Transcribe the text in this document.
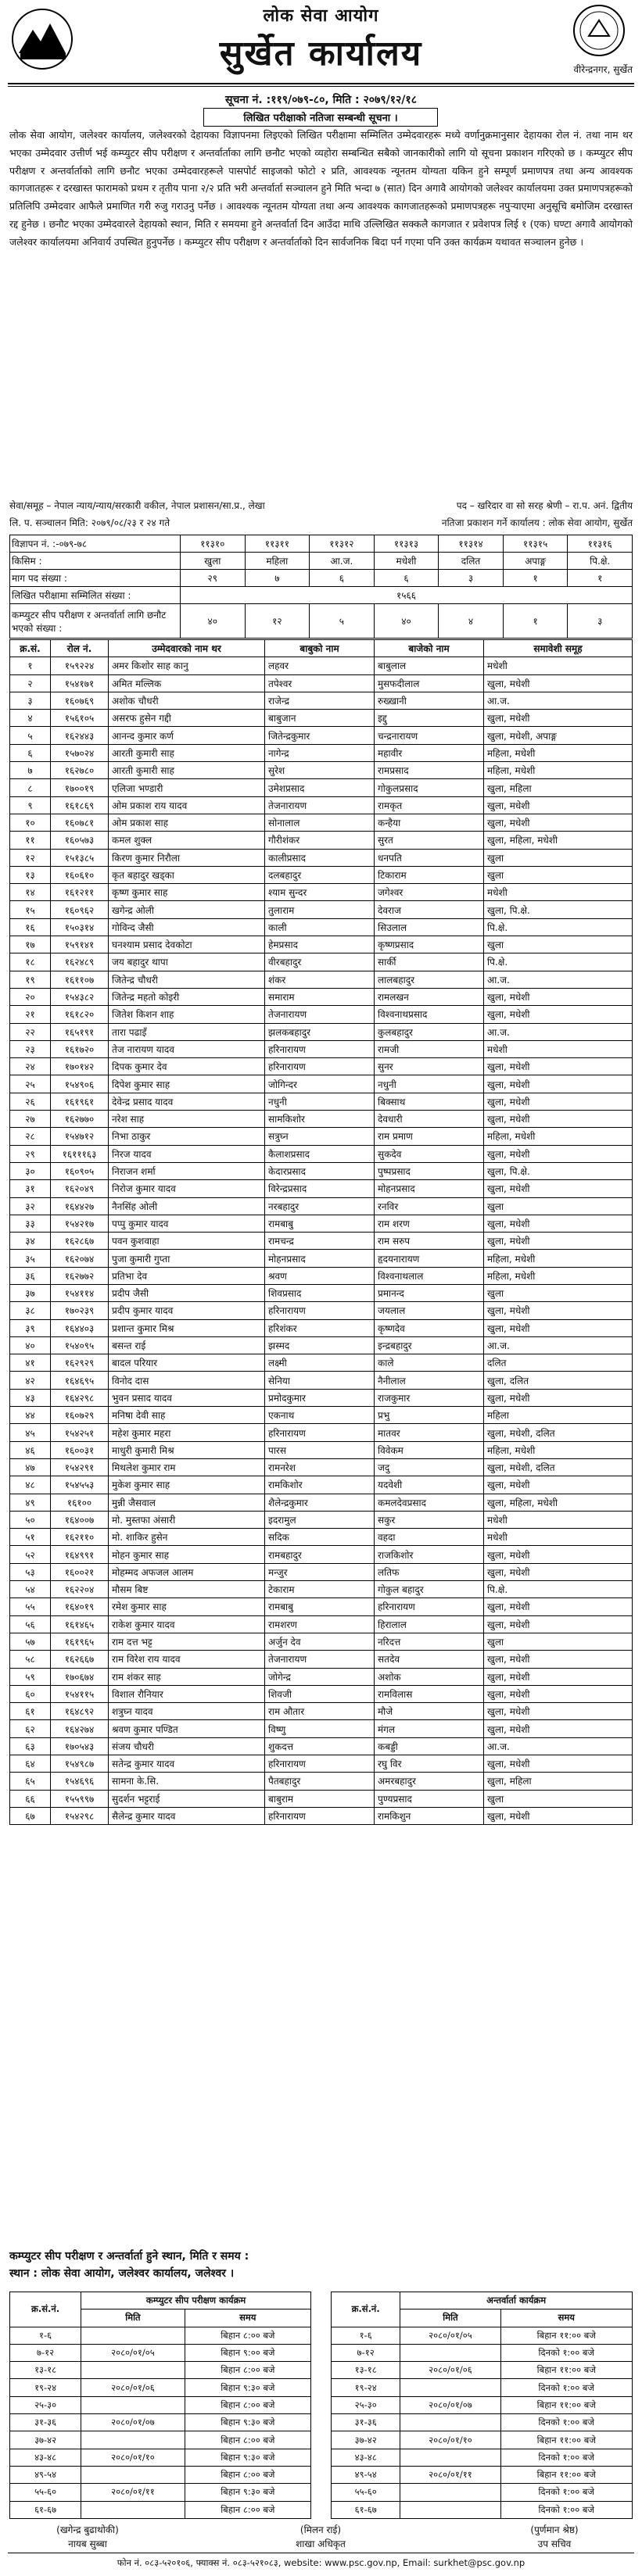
लोक सेवा आयोग
सुर्खेत कार्यालय	वीरेन्द्रनगर, सुर्खेत
सूचना नं. :११९/०७९-८०, मिति : २०७९/१२/१८
लिखित परीक्षाको नतिजा सम्बन्धी सूचना ।
लोक सेवा आयोग, जलेश्वर कार्यालय, जलेश्वरको देहायका विज्ञापनमा लिइएको लिखित परीक्षामा सम्मिलित उम्मेदवारहरू मध्ये वर्णानुक्रमानुसार देहायका रोल नं. तथा नाम थर भएका उम्मेदवार उत्तीर्ण भई कम्प्युटर सीप परीक्षण र अन्तर्वार्ताका लागि छनौट भएको व्यहोरा सम्बन्धित सबैको जानकारीको लागि यो सूचना प्रकाशन गरिएको छ । कम्प्युटर सीप परीक्षण र अन्तर्वार्ताको लागि छनौट भएका उम्मेदवारहरूले पासपोर्ट साइजको फोटो २ प्रति, आवश्यक न्यूनतम योग्यता यकिन हुने सम्पूर्ण प्रमाणपत्र तथा अन्य आवश्यक कागजातहरू र दरखास्त फारामको प्रथम र तृतीय पाना २/२ प्रति भरी अन्तर्वार्ता सञ्चालन हुने मिति भन्दा ७ (सात) दिन अगावै आयोगको जलेश्वर कार्यालयमा उक्त प्रमाणपत्रहरूको प्रतिलिपि उम्मेदवार आफैले प्रमाणित गरी रुजु गराउनु पर्नेछ । आवश्यक न्यूनतम योग्यता तथा अन्य आवश्यक कागजातहरूको प्रमाणपत्रहरू नपुऱ्याएमा अनुसूचि बमोजिम दरखास्त रद्द हुनेछ । छनौट भएका उम्मेदवारले देहायको स्थान, मिति र समयमा हुने अन्तर्वार्ता दिन आउँदा माथि उल्लिखित सक्कलै कागजात र प्रवेशपत्र लिई १ (एक) घण्टा अगावै आयोगको जलेश्वर कार्यालयमा अनिवार्य उपस्थित हुनुपर्नेछ । कम्प्युटर सीप परीक्षण र अन्तर्वार्ताको दिन सार्वजनिक बिदा पर्न गएमा पनि उक्त कार्यक्रम यथावत सञ्चालन हुनेछ ।
सेवा/समूह – नेपाल न्याय/न्याय/सरकारी वकील, नेपाल प्रशासन/सा.प्र., लेखा	पद – खरिदार वा सो सरह श्रेणी – रा.प. अनं. द्वितीय
लि. प. सञ्चालन मिति: २०७९/०८/२३ र २४ गते	नतिजा प्रकाशन गर्ने कार्यालय : लोक सेवा आयोग, सुर्खेत
विज्ञापन नं. :-०७९-७८	११३१०	११३११	११३१२	११३१३	११३१४	११३१५	११३१६
किसिम :	खुला	महिला	आ.ज.	मधेशी	दलित	अपाङ्ग	पि.क्षे.
माग पद संख्या :	२९	७	६	६	३	१	१
लिखित परीक्षामा सम्मिलित संख्या :	१५६६						
कम्प्युटर सीप परीक्षण र अन्तर्वार्ता लागि छनौट भएको संख्या :	४०	१२	५	४०	४	१	३
क्र.सं.	रोल नं.	उम्मेदवारको नाम थर	बाबुको नाम	बाजेको नाम	समावेशी समूह
१	१५९२२४	अमर किशोर साह कानु	लहवर	बाबुलाल	मधेशी
२	१५४१७१	अमित मल्लिक	तपेश्वर	मुसफदीलाल	खुला, मधेशी
३	१६०७६९	अशोक चौधरी	राजेन्द्र	रुख्खानी	आ.ज.
४	१५६१०५	असरफ हुसेन गद्दी	बाबुजान	इद्दु	खुला, मधेशी
५	१६२४४३	आनन्द कुमार कर्ण	जितेन्द्रकुमार	चन्द्रनारायण	खुला, मधेशी, अपाङ्ग
६	१५७०२४	आरती कुमारी साह	नागेन्द्र	महावीर	महिला, मधेशी
७	१६२७८०	आरती कुमारी साह	सुरेश	रामप्रसाद	महिला, मधेशी
८	१७००१९	एलिजा भण्डारी	उमेशप्रसाद	गोकुलप्रसाद	खुला, महिला
९	१६१८६९	ओम प्रकाश राय यादव	तेजनारायण	रामकृत	खुला, मधेशी
१०	१६०७८१	ओम प्रकाश साह	सोनालाल	कन्हैया	खुला, मधेशी
११	१६०५७३	कमल शुक्ल	गौरीशंकर	सुरत	खुला, महिला, मधेशी
१२	१५१३८५	किरण कुमार निरौला	कालीप्रसाद	धनपति	खुला
१३	१६०६१०	कृत बहादुर खड्का	दलबहादुर	टिकाराम	खुला
१४	१६१२११	कृष्ण कुमार साह	श्याम सुन्दर	जगेश्वर	मधेशी
१५	१६०९६२	खगेन्द्र ओली	तुलाराम	देवराज	खुला, पि.क्षे.
१६	१५०३१४	गोविन्द जैसी	काली	सिउलाल	पि.क्षे.
१७	१५९१४१	घनश्याम प्रसाद देवकोटा	हेमप्रसाद	कृष्णप्रसाद	खुला
१८	१६२४८९	जय बहादुर थापा	वीरबहादुर	सार्की	पि.क्षे.
१९	१६११०७	जितेन्द्र चौधरी	शंकर	लालबहादुर	आ.ज.
२०	१५४३८२	जितेन्द्र महतो कोइरी	समाराम	रामलखन	खुला, मधेशी
२१	१६१८२०	जितेश किशन शाह	तेजनारायण	विश्वनाथप्रसाद	खुला, मधेशी
२२	१६५१९१	तारा पढाइँ	झलकबहादुर	कुलबहादुर	आ.ज.
२३	१६१७२०	तेज नारायण यादव	हरिनारायण	रामजी	मधेशी
२४	१७०१४२	दिपक कुमार देव	हरिनारायण	सुनर	खुला, मधेशी
२५	१५४९०६	दिपेश कुमार साह	जोगिन्दर	नधुनी	खुला, मधेशी
२६	१६१९६१	देवेन्द्र प्रसाद यादव	नधुनी	बिक्साथ	खुला, मधेशी
२७	१६२७७०	नरेश साह	सामकिशोर	देवधारी	खुला, मधेशी
२८	१५४७१२	निभा ठाकुर	सत्रुघ्न	राम प्रमाण	महिला, मधेशी
२९	१६१११६३	निरज यादव	कैलाशप्रसाद	सुकदेव	खुला, मधेशी
३०	१६०९०५	निराजन शर्मा	केदारप्रसाद	पुष्पप्रसाद	खुला, पि.क्षे.
३१	१६२०४९	निरोज कुमार यादव	विरेन्द्रप्रसाद	मोहनप्रसाद	खुला, मधेशी
३२	१६४४२७	नैनसिंह ओली	नरबहादुर	रनविर	खुला
३३	१५४२१७	पप्पु कुमार यादव	रामबाबु	राम शरण	खुला, मधेशी
३४	१६२८६७	पवन कुशवाहा	रामचन्द्र	राम सरुप	खुला, मधेशी
३५	१६२०७४	पुजा कुमारी गुप्ता	मोहनप्रसाद	हृदयनारायण	महिला, मधेशी
३६	१६२७७२	प्रतिभा देव	श्रवण	विश्वनाथलाल	महिला, मधेशी
३७	१५४११४	प्रदीप जैसी	शिवप्रसाद	प्रमानन्द	खुला
३८	१७०२३९	प्रदीप कुमार यादव	हरिनारायण	जयलाल	खुला, मधेशी
३९	१६४४०३	प्रशान्त कुमार मिश्र	हरिशंकर	कृष्णदेव	खुला, मधेशी
४०	१५४०९५	बसन्त राई	झस्मद	इन्द्रबहादुर	आ.ज.
४१	१६२९२९	बादल परियार	लक्ष्मी	काले	दलित
४२	१६४६९५	विनोद दास	सेनिया	नैनीलाल	खुला, दलित
४३	१६४२९८	भुवन प्रसाद यादव	प्रमोदकुमार	राजकुमार	खुला, मधेशी
४४	१६०७२९	मनिषा देवी साह	एकनाथ	प्रभु	महिला
४५	१५४२५१	महेश कुमार महरा	हरिनारायण	मातवर	खुला, मधेशी, दलित
४६	१६००३१	माधुरी कुमारी मिश्र	पारस	विवेकम	महिला, मधेशी
४७	१५४२९१	मिथलेश कुमार राम	रामनरेश	जदु	खुला, मधेशी, दलित
४८	१५४५५३	मुकेश कुमार साह	रामकिशोर	यदवेशी	खुला, मधेशी
४९	१६१००	मुन्नी जैसवाल	शैलेन्द्रकुमार	कमलदेवप्रसाद	खुला, महिला, मधेशी
५०	१६४००७	मो. मुस्तफा अंसारी	इदरामुल	सकुर	मधेशी
५१	१६२११०	मो. शाकिर हुसेन	सदिक	वहदा	मधेशी
५२	१६४९९१	मोहन कुमार साह	रामबहादुर	राजकिशोर	खुला, मधेशी
५३	१६००२१	मोहम्मद अफजल आलम	मन्जुर	लतिफ	खुला, मधेशी
५४	१६२२०४	मौसम बिष्ट	टेकाराम	गोकुल बहादुर	पि.क्षे.
५५	१६४०१९	रमेश कुमार साह	रामबाबु	हरिनारायण	खुला, मधेशी
५६	१६१४६५	राकेश कुमार यादव	रामशरण	हिरालाल	खुला, मधेशी
५७	१६१९६५	राम दत्त भट्ट	अर्जुन देव	नरिदत्त	खुला
५८	१६२६६७	राम विरेश राय यादव	तेजनारायण	सतदेव	खुला, मधेशी
५९	१७०६७४	राम शंकर साह	जोगेन्द्र	अशोक	खुला, मधेशी
६०	१५४११५	विशाल रौनियार	शिवजी	रामविलास	खुला, मधेशी
६१	१६४८९२	शत्रुघ्न यादव	राम औतार	मौजे	खुला, मधेशी
६२	१६४२७४	श्रवण कुमार पण्डित	विष्णु	मंगल	खुला, मधेशी
६३	१७०५४३	संजय चौधरी	शुकदत्त	कबड्डी	आ.ज.
६४	१५४९८७	सतेन्द्र कुमार यादव	हरिनारायण	रघु विर	खुला, मधेशी
६५	१५४६९६	सामना के.सि.	पैतबहादुर	अमरबहादुर	खुला, महिला
६६	१५५९९७	सुदर्शन भट्टराई	बाबुराम	पुण्यप्रसाद	खुला
६७	१५४२९८	सैलेन्द्र कुमार यादव	हरिनारायण	रामकिशुन	खुला, मधेशी
कम्प्युटर सीप परीक्षण र अन्तर्वार्ता हुने स्थान, मिति र समय :
स्थान : लोक सेवा आयोग, जलेश्वर कार्यालय, जलेश्वर ।
क्र.सं.नं.	कम्प्युटर सीप परीक्षण कार्यक्रम	
	मिति	समय
१-६		बिहान ८:०० बजे
७-१२	२०८०/०१/०५	बिहान ९:०० बजे
१३-१८		बिहान ८:०० बजे
१९-२४	२०८०/०१/०६	बिहान ९:३० बजे
२५-३०		बिहान ८:०० बजे
३१-३६	२०८०/०१/०७	बिहान ९:३० बजे
३७-४२		बिहान ८:०० बजे
४३-४८	२०८०/०१/१०	बिहान ९:३० बजे
४९-५४		बिहान ८:०० बजे
५५-६०	२०८०/०१/११	बिहान ९:३० बजे
६१-६७		बिहान ८:०० बजे
क्र.सं.नं.	अन्तर्वार्ता कार्यक्रम	
	मिति	समय
१-६	२०८०/०१/०५	बिहान ११:०० बजे
७-१२		दिनको १:०० बजे
१३-१८	२०८०/०१/०६	बिहान ११:०० बजे
१९-२४		दिनको १:०० बजे
२५-३०	२०८०/०१/०७	बिहान ११:०० बजे
३१-३६		दिनको १:०० बजे
३७-४२	२०८०/०१/१०	बिहान ११:०० बजे
४३-४८		दिनको १:०० बजे
४९-५४	२०८०/०१/११	बिहान ११:०० बजे
५५-६०		दिनको १:०० बजे
६१-६७		दिनको १:०० बजे
(खगेन्द्र बुढाथोकी)
नायब सुब्बा
(मिलन राई)
शाखा अधिकृत
(पुर्णमान श्रेष्ठ)
उप सचिव
फोन नं. ०८३-५२०१०६, फ्याक्स नं. ०८३-५२१०८३, website: www.psc.gov.np, Email: surkhet@psc.gov.np
